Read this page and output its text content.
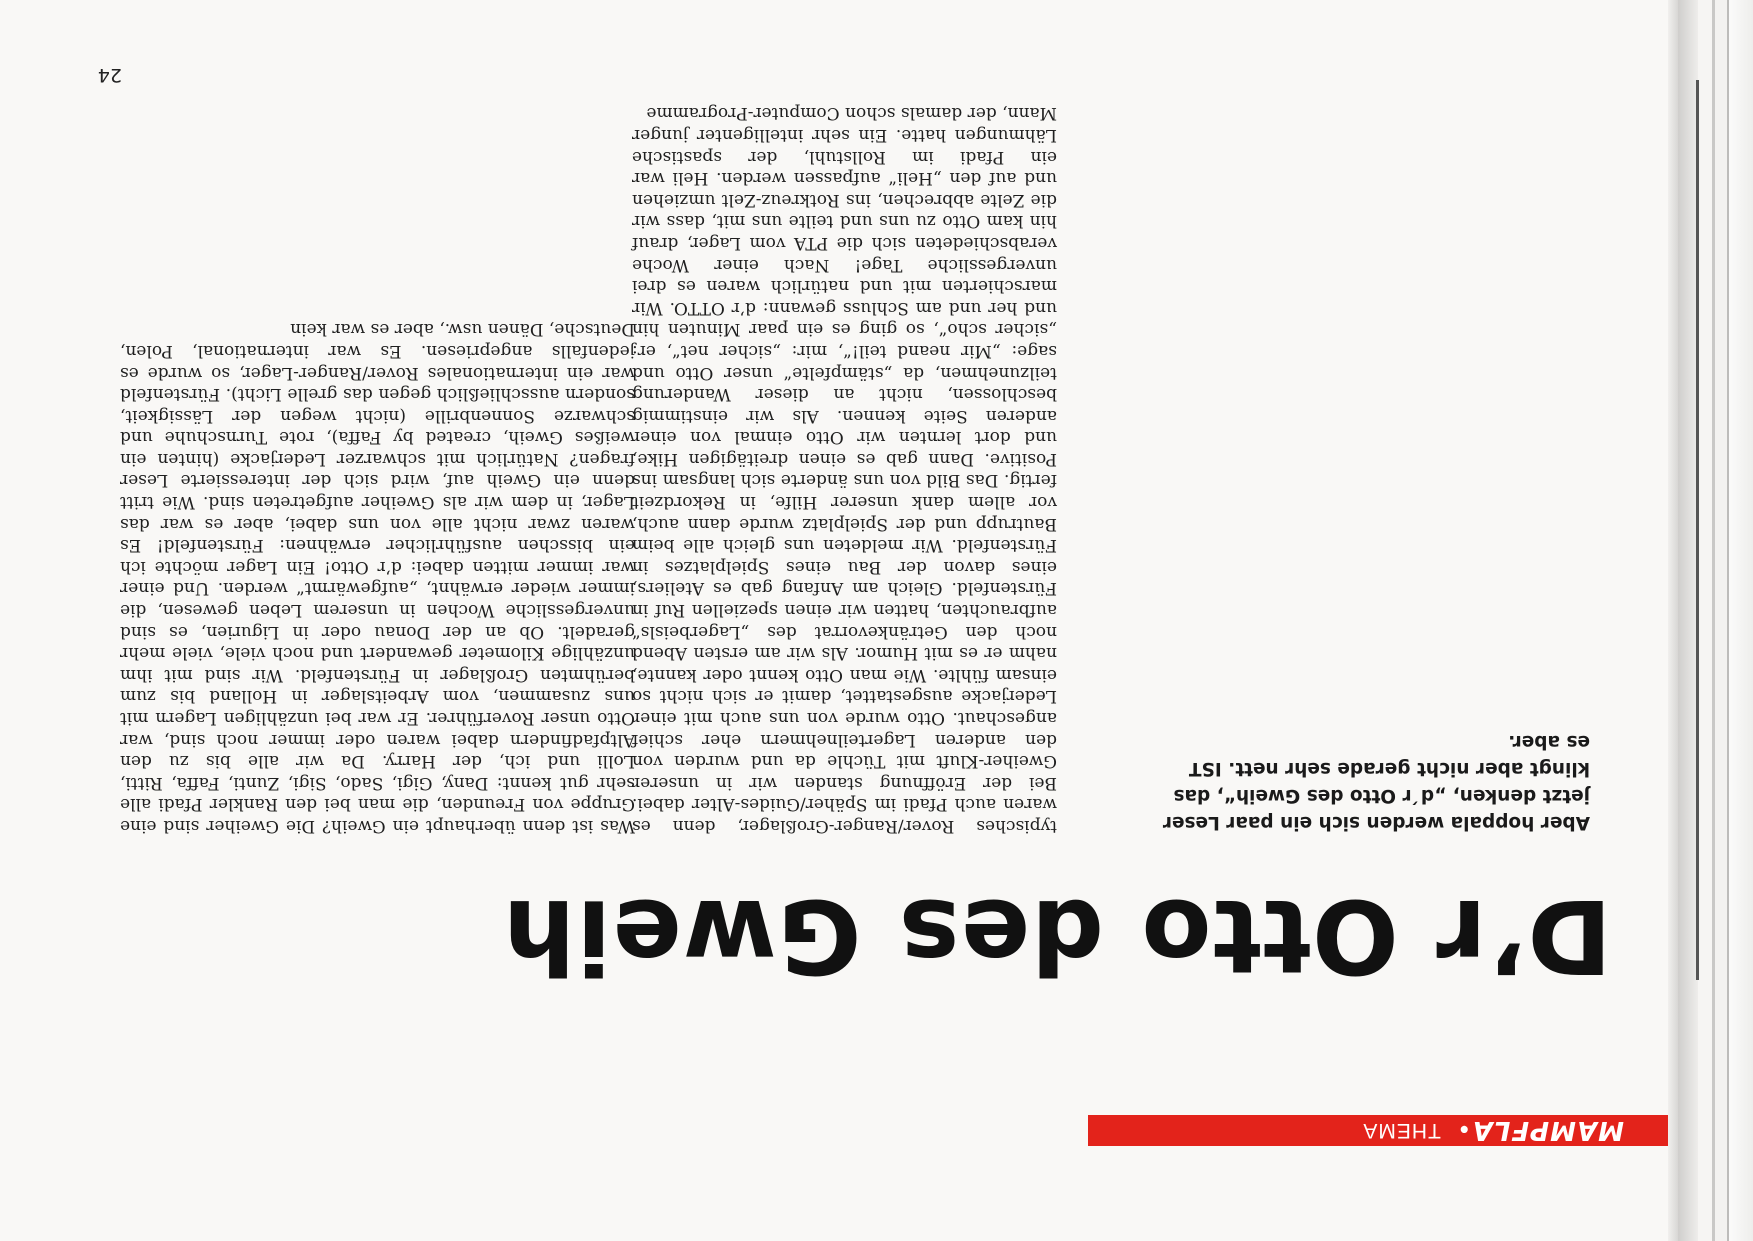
MAMPFLA•
THEMA
D’r Otto des Gweih

Aber hoppala werden sich ein paar Leser jetzt denken, „d´r Otto des Gweih“, das klingt aber nicht gerade sehr nett. IST es aber.

Was ist denn überhaupt ein Gweih? Die Gweiher sind eine Gruppe von Freunden, die man bei den Rankler Pfadi alle sehr gut kennt: Dany, Gigi, Sado, Sigi, Zunti, Faffa, Ritti, Lolli und ich, der Harry. Da wir alle bis zu den Altpfadfindern dabei waren oder immer noch sind, war Otto unser Roverführer. Er war bei unzähligen Lagern mit uns zusammen, vom Arbeitslager in Holland bis zum berühmten Großlager in Fürstenfeld. Wir sind mit ihm unzählige Kilometer gewandert und noch viele, viele mehr geradelt. Ob an der Donau oder in Ligurien, es sind unvergessliche Wochen in unserem Leben gewesen, die immer wieder erwähnt, „aufgewärmt“ werden. Und einer war immer mitten dabei: d’r Otto! Ein Lager möchte ich ein bisschen ausführlicher erwähnen: Fürstenfeld! Es waren zwar nicht alle von uns dabei, aber es war das Lager, in dem wir als Gweiher aufgetreten sind. Wie tritt denn ein Gweih auf, wird sich der interessierte Leser fragen? Natürlich mit schwarzer Lederjacke (hinten ein weißes Gweih, created by Faffa), rote Turnschuhe und schwarze Sonnenbrille (nicht wegen der Lässigkeit, sondern ausschließlich gegen das grelle Licht). Fürstenfeld war ein internationales Rover/Ranger-Lager, so wurde es jedenfalls angepriesen. Es war international, Polen, Deutsche, Dänen usw., aber es war kein

typisches Rover/Ranger-Großlager, denn es waren auch Pfadi im Späher/Guides-Alter dabei. Bei der Eröffnung standen wir in unserer Gweiher-Kluft mit Tüchle da und wurden von den anderen Lagerteilnehmern eher schief angeschaut. Otto wurde von uns auch mit einer Lederjacke ausgestattet, damit er sich nicht so einsam fühlte. Wie man Otto kennt oder kannte, nahm er es mit Humor. Als wir am ersten Abend noch den Getränkevorrat des „Lagerbeisls“ aufbrauchten, hatten wir einen speziellen Ruf in Fürstenfeld. Gleich am Anfang gab es Ateliers, eines davon der Bau eines Spielplatzes in Fürstenfeld. Wir meldeten uns gleich alle beim Bautrupp und der Spielplatz wurde dann auch, vor allem dank unserer Hilfe, in Rekordzeit fertig. Das Bild von uns änderte sich langsam ins Positive. Dann gab es einen dreitägigen Hike, und dort lernten wir Otto einmal von einer anderen Seite kennen. Als wir einstimmig beschlossen, nicht an dieser Wanderung teilzunehmen, da „stämpfelte“ unser Otto und sage: „Mir neand teil!“, mir: „sicher net“, er: „sicher scho“, so ging es ein paar Minuten hin und her und am Schluss gewann: d’r OTTO. Wir marschierten mit und natürlich waren es drei unvergessliche Tage! Nach einer Woche verabschiedeten sich die PTA vom Lager, drauf hin kam Otto zu uns und teilte uns mit, dass wir die Zelte abbrechen, ins Rotkreuz-Zelt umziehen und auf den „Heli“ aufpassen werden. Heli war ein Pfadi im Rollstuhl, der spastische Lähmungen hatte. Ein sehr intelligenter junger Mann, der damals schon Computer-Programme

24
